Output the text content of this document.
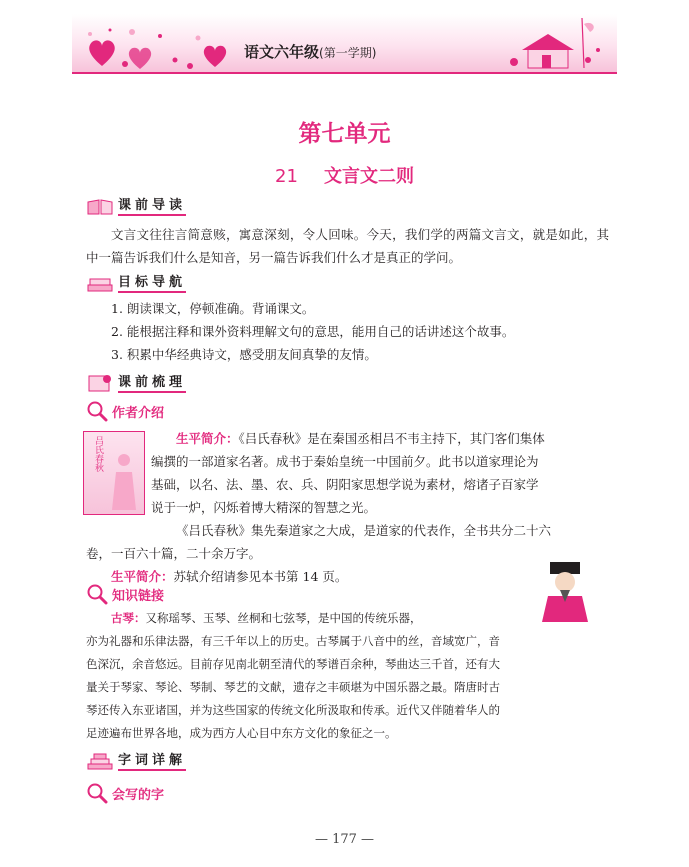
语文六年级(第一学期)
第七单元
21 文言文二则
课前导读
文言文往往言简意赅，寓意深刻，令人回味。今天，我们学的两篇文言文，就是如此，其中一篇告诉我们什么是知音，另一篇告诉我们什么才是真正的学问。
目标导航
1. 朗读课文，停顿准确。背诵课文。
2. 能根据注释和课外资料理解文句的意思，能用自己的话讲述这个故事。
3. 积累中华经典诗文，感受朋友间真挚的友情。
课前梳理
作者介绍
吕氏春秋	生平简介：《吕氏春秋》是在秦国丞相吕不韦主持下，其门客们集体
编撰的一部道家名著。成书于秦始皇统一中国前夕。此书以道家理论为
基础，以名、法、墨、农、兵、阴阳家思想学说为素材，熔诸子百家学
说于一炉，闪烁着博大精深的智慧之光。
《吕氏春秋》集先秦道家之大成，是道家的代表作，全书共分二十六
卷，一百六十篇，二十余万字。
生平简介：苏轼介绍请参见本书第 14 页。
知识链接
古琴：又称瑶琴、玉琴、丝桐和七弦琴，是中国的传统乐器，
亦为礼器和乐律法器，有三千年以上的历史。古琴属于八音中的丝，音域宽广，音
色深沉，余音悠远。目前存见南北朝至清代的琴谱百余种，琴曲达三千首，还有大
量关于琴家、琴论、琴制、琴艺的文献，遗存之丰硕堪为中国乐器之最。隋唐时古
琴还传入东亚诸国，并为这些国家的传统文化所汲取和传承。近代又伴随着华人的
足迹遍布世界各地，成为西方人心目中东方文化的象征之一。
字词详解
会写的字
— 177 —
